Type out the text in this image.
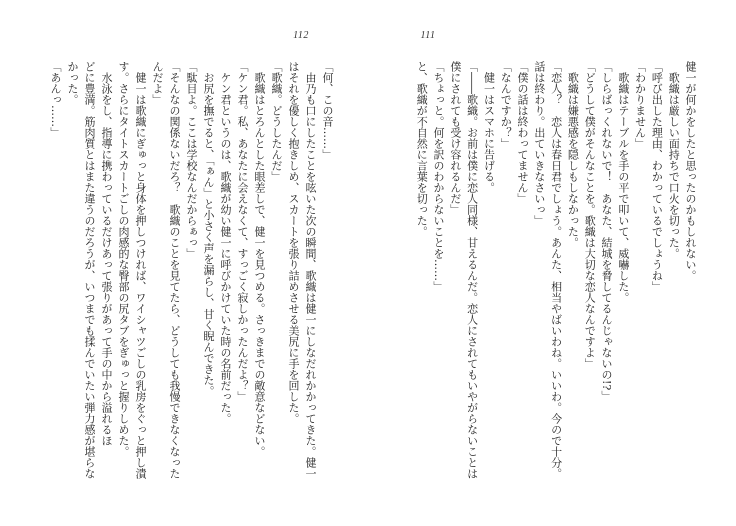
112	111

健一が何かをしたと思ったのかもしれない。

歌織は厳しい面持ちで口火を切った。

「呼び出した理由、わかっているでしょうね」

「わかりません」

歌織はテーブルを手の平で叩いて、威嚇した。

「しらばっくれないで！　あなた、結城を脅してるんじゃないの!?」

「どうして僕がそんなことを。歌織は大切な恋人なんですよ」

歌織は嫌悪感を隠しもしなかった。

「恋人？　恋人は春日君でしょう。あんた、相当やばいわね。いいわ。今ので十分。

話は終わり。出ていきなさいっ」

「僕の話は終わってません」

「なんですか？」

健一はスマホに告げる。

「――歌織。お前は僕に恋人同様、甘えるんだ。恋人にされてもいやがらないことは

僕にされても受け容れるんだ」

「ちょっと。何を訳のわからないことを……」

と、歌織が不自然に言葉を切った。

「何、この音……」

由乃も口にしたことを呟いた次の瞬間、歌織は健一にしなだれかかってきた。健一

はそれを優しく抱きしめ、スカートを張り詰めさせる美尻に手を回した。

「歌織。どうしたんだ」

歌織はとろんとした眼差しで、健一を見つめる。さっきまでの敵意などない。

「ケン君。私、あなたに会えなくて、すっごく寂しかったんだよ？」

ケン君というのは、歌織が幼い健一に呼びかけていた時の名前だった。

お尻を撫でると、「ぁん」と小さく声を漏らし、甘く睨んできた。

「駄目よ。ここは学校なんだからぁっ」

「そんなの関係ないだろ？　歌織のことを見てたら、どうしても我慢できなくなった

んだよ」

健一は歌織にぎゅっと身体を押しつければ、ワイシャツごしの乳房をぐっと押し潰

す。さらにタイトスカートごしの肉感的な臀部の尻タブをぎゅっと握りしめた。

水泳をし、指導に携わっているだけあって張りがあって手の中から溢れるほ

どに豊満。筋肉質とはまた違うのだろうが、いつまでも揉んでいたい弾力感が堪らな

かった。

「あんっ……」
